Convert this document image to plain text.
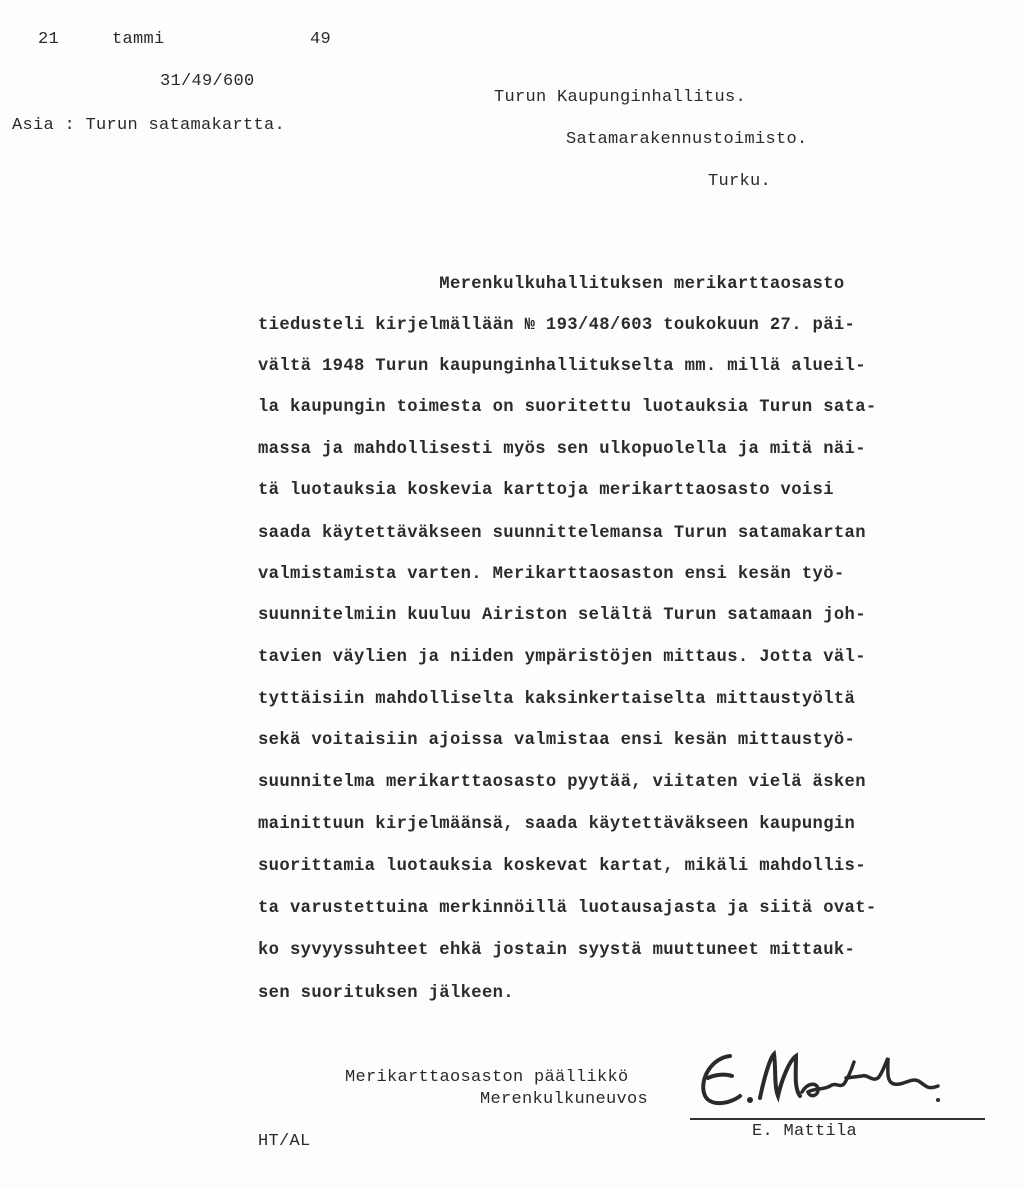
21	tammi	49
31/49/600
Asia : Turun satamakartta.
Turun Kaupunginhallitus.
Satamarakennustoimisto.
Turku.
Merenkulkuhallituksen merikarttaosasto
tiedusteli kirjelmällään № 193/48/603 toukokuun 27. päi-
vältä 1948 Turun kaupunginhallitukselta mm. millä alueil-
la kaupungin toimesta on suoritettu luotauksia Turun sata-
massa ja mahdollisesti myös sen ulkopuolella ja mitä näi-
tä luotauksia koskevia karttoja merikarttaosasto voisi
saada käytettäväkseen suunnittelemansa Turun satamakartan
valmistamista varten. Merikarttaosaston ensi kesän työ-
suunnitelmiin kuuluu Airiston selältä Turun satamaan joh-
tavien väylien ja niiden ympäristöjen mittaus. Jotta väl-
tyttäisiin mahdolliselta kaksinkertaiselta mittaustyöltä
sekä voitaisiin ajoissa valmistaa ensi kesän mittaustyö-
suunnitelma merikarttaosasto pyytää, viitaten vielä äsken
mainittuun kirjelmäänsä, saada käytettäväkseen kaupungin
suorittamia luotauksia koskevat kartat, mikäli mahdollis-
ta varustettuina merkinnöillä luotausajasta ja siitä ovat-
ko syvyyssuhteet ehkä jostain syystä muuttuneet mittauk-
sen suorituksen jälkeen.
Merikarttaosaston päällikkö
Merenkulkuneuvos
E. Mattila
E. Mattila
HT/AL
